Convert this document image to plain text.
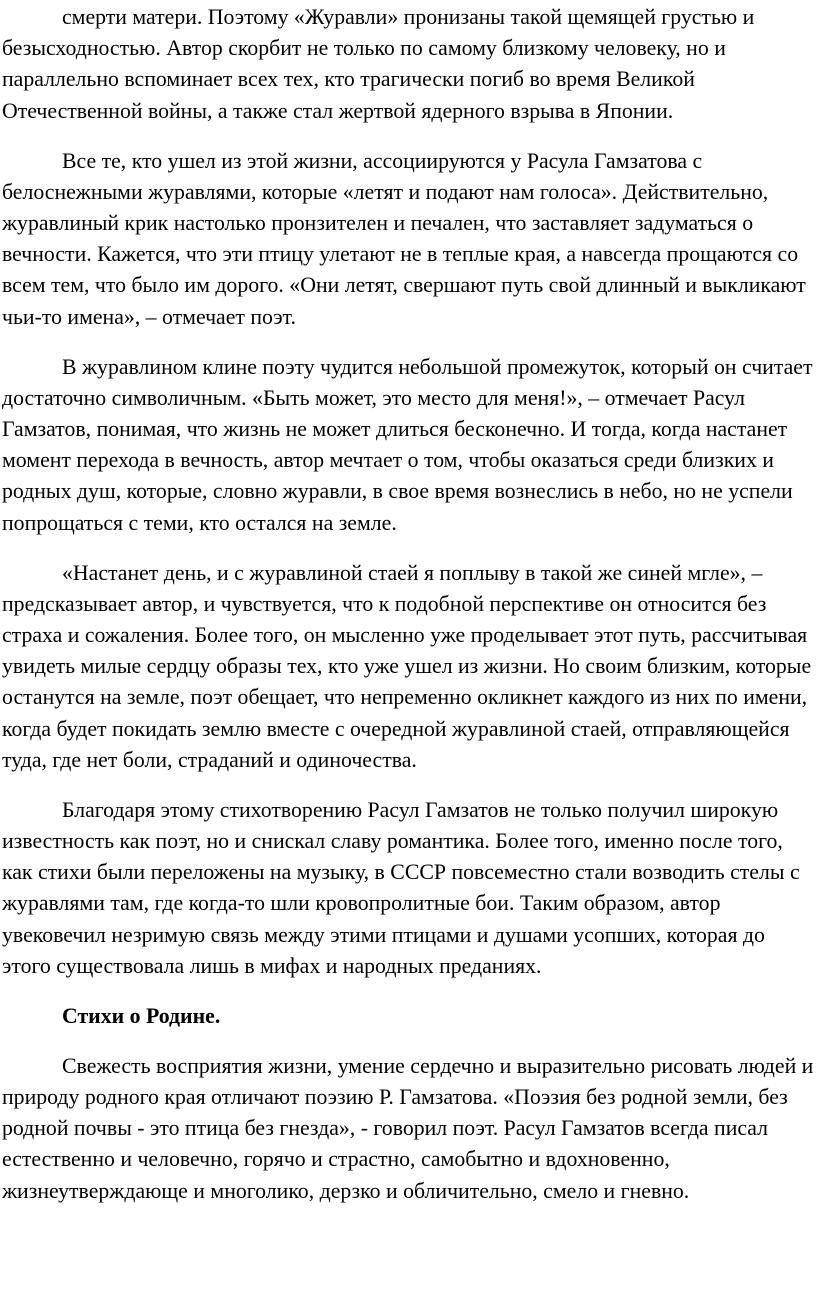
смерти матери. Поэтому «Журавли» пронизаны такой щемящей грустью и безысходностью. Автор скорбит не только по самому близкому человеку, но и параллельно вспоминает всех тех, кто трагически погиб во время Великой Отечественной войны, а также стал жертвой ядерного взрыва в Японии.

Все те, кто ушел из этой жизни, ассоциируются у Расула Гамзатова с белоснежными журавлями, которые «летят и подают нам голоса». Действительно, журавлиный крик настолько пронзителен и печален, что заставляет задуматься о вечности. Кажется, что эти птицу улетают не в теплые края, а навсегда прощаются со всем тем, что было им дорого. «Они летят, свершают путь свой длинный и выкликают чьи-то имена», – отмечает поэт.

В журавлином клине поэту чудится небольшой промежуток, который он считает достаточно символичным. «Быть может, это место для меня!», – отмечает Расул Гамзатов, понимая, что жизнь не может длиться бесконечно. И тогда, когда настанет момент перехода в вечность, автор мечтает о том, чтобы оказаться среди близких и родных душ, которые, словно журавли, в свое время вознеслись в небо, но не успели попрощаться с теми, кто остался на земле.

«Настанет день, и с журавлиной стаей я поплыву в такой же синей мгле», – предсказывает автор, и чувствуется, что к подобной перспективе он относится без страха и сожаления. Более того, он мысленно уже проделывает этот путь, рассчитывая увидеть милые сердцу образы тех, кто уже ушел из жизни. Но своим близким, которые останутся на земле, поэт обещает, что непременно окликнет каждого из них по имени, когда будет покидать землю вместе с очередной журавлиной стаей, отправляющейся туда, где нет боли, страданий и одиночества.

Благодаря этому стихотворению Расул Гамзатов не только получил широкую известность как поэт, но и снискал славу романтика. Более того, именно после того, как стихи были переложены на музыку, в СССР повсеместно стали возводить стелы с журавлями там, где когда-то шли кровопролитные бои. Таким образом, автор увековечил незримую связь между этими птицами и душами усопших, которая до этого существовала лишь в мифах и народных преданиях.

Стихи о Родине.

Свежесть восприятия жизни, умение сердечно и выразительно рисовать людей и природу родного края отличают поэзию Р. Гамзатова. «Поэзия без родной земли, без родной почвы - это птица без гнезда», - говорил поэт. Расул Гамзатов всегда писал естественно и человечно, горячо и страстно, самобытно и вдохновенно, жизнеутверждающе и многолико, дерзко и обличительно, смело и гневно.
